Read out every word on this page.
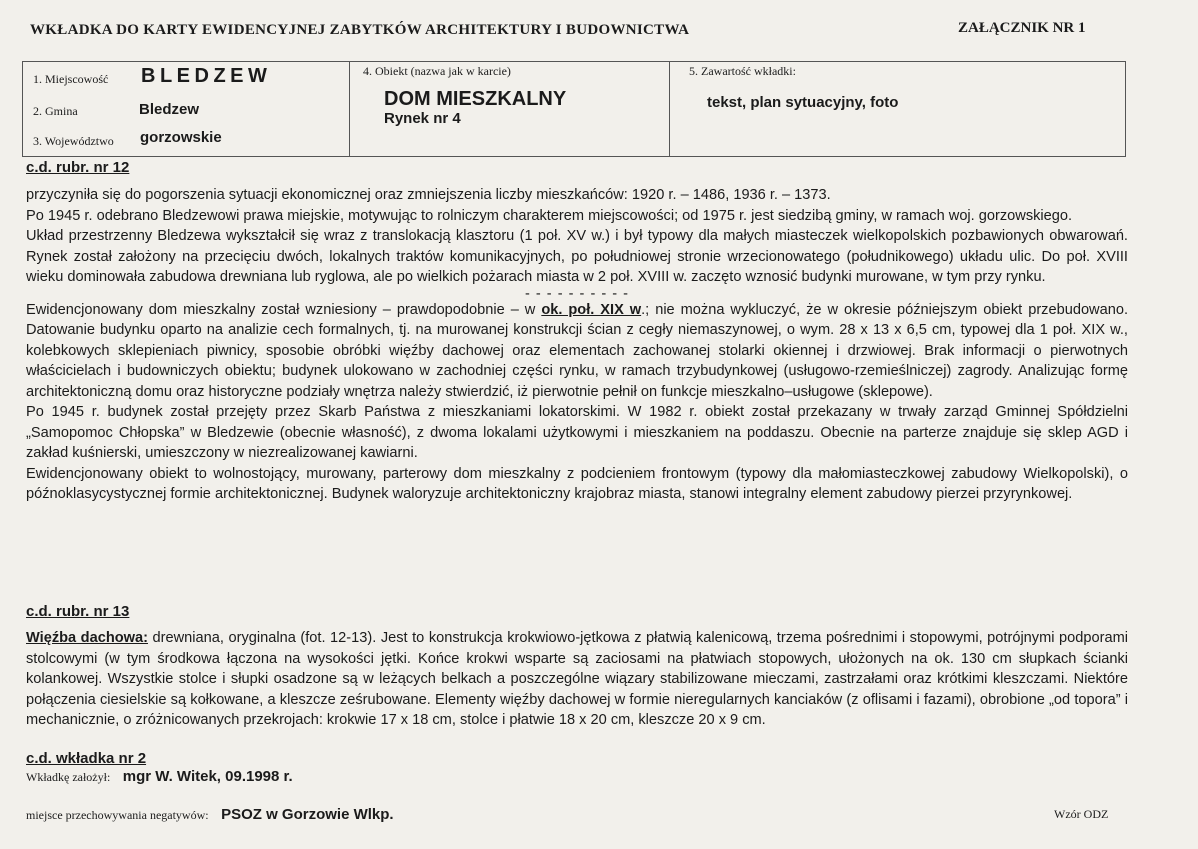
WKŁADKA DO KARTY EWIDENCYJNEJ ZABYTKÓW ARCHITEKTURY I BUDOWNICTWA	ZAŁĄCZNIK NR 1
1. Miejscowość BLEDZEW
2. Gmina	Bledzew
3. Województwo gorzowskie
4. Obiekt (nazwa jak w karcie)
DOM MIESZKALNY
Rynek nr 4
5. Zawartość wkładki:
tekst, plan sytuacyjny, foto
c.d. rubr. nr 12

przyczyniła się do pogorszenia sytuacji ekonomicznej oraz zmniejszenia liczby mieszkańców: 1920 r. – 1486, 1936 r. – 1373.

Po 1945 r. odebrano Bledzewowi prawa miejskie, motywując to rolniczym charakterem miejscowości; od 1975 r. jest siedzibą gminy, w ramach woj. gorzowskiego.

Układ przestrzenny Bledzewa wykształcił się wraz z translokacją klasztoru (1 poł. XV w.) i był typowy dla małych miasteczek wielkopolskich pozbawionych obwarowań. Rynek został założony na przecięciu dwóch, lokalnych traktów komunikacyjnych, po południowej stronie wrzecionowatego (południkowego) układu ulic. Do poł. XVIII wieku dominowała zabudowa drewniana lub ryglowa, ale po wielkich pożarach miasta w 2 poł. XVIII w. zaczęto wznosić budynki murowane, w tym przy rynku.

- - - - - - - - - -

Ewidencjonowany dom mieszkalny został wzniesiony – prawdopodobnie – w ok. poł. XIX w.; nie można wykluczyć, że w okresie późniejszym obiekt przebudowano. Datowanie budynku oparto na analizie cech formalnych, tj. na murowanej konstrukcji ścian z cegły niemaszynowej, o wym. 28 x 13 x 6,5 cm, typowej dla 1 poł. XIX w., kolebkowych sklepieniach piwnicy, sposobie obróbki więźby dachowej oraz elementach zachowanej stolarki okiennej i drzwiowej. Brak informacji o pierwotnych właścicielach i budowniczych obiektu; budynek ulokowano w zachodniej części rynku, w ramach trzybudynkowej (usługowo-rzemieślniczej) zagrody. Analizując formę architektoniczną domu oraz historyczne podziały wnętrza należy stwierdzić, iż pierwotnie pełnił on funkcje mieszkalno–usługowe (sklepowe).

Po 1945 r. budynek został przejęty przez Skarb Państwa z mieszkaniami lokatorskimi. W 1982 r. obiekt został przekazany w trwały zarząd Gminnej Spółdzielni „Samopomoc Chłopska” w Bledzewie (obecnie własność), z dwoma lokalami użytkowymi i mieszkaniem na poddaszu. Obecnie na parterze znajduje się sklep AGD i zakład kuśnierski, umieszczony w niezrealizowanej kawiarni.

Ewidencjonowany obiekt to wolnostojący, murowany, parterowy dom mieszkalny z podcieniem frontowym (typowy dla małomiasteczkowej zabudowy Wielkopolski), o późnoklasycystycznej formie architektonicznej. Budynek waloryzuje architektoniczny krajobraz miasta, stanowi integralny element zabudowy pierzei przyrynkowej.

c.d. rubr. nr 13

Więźba dachowa: drewniana, oryginalna (fot. 12-13). Jest to konstrukcja krokwiowo-jętkowa z płatwią kalenicową, trzema pośrednimi i stopowymi, potrójnymi podporami stolcowymi (w tym środkowa łączona na wysokości jętki. Końce krokwi wsparte są zaciosami na płatwiach stopowych, ułożonych na ok. 130 cm słupkach ścianki kolankowej. Wszystkie stolce i słupki osadzone są w leżących belkach a poszczególne wiązary stabilizowane mieczami, zastrzałami oraz krótkimi kleszczami. Niektóre połączenia ciesielskie są kołkowane, a kleszcze ześrubowane. Elementy więźby dachowej w formie nieregularnych kanciaków (z oflisami i fazami), obrobione „od topora” i mechanicznie, o zróżnicowanych przekrojach: krokwie 17 x 18 cm, stolce i płatwie 18 x 20 cm, kleszcze 20 x 9 cm.

c.d. wkładka nr 2
Wkładkę założył: mgr W. Witek, 09.1998 r.
miejsce przechowywania negatywów: PSOZ w Gorzowie Wlkp.	Wzór ODZ
